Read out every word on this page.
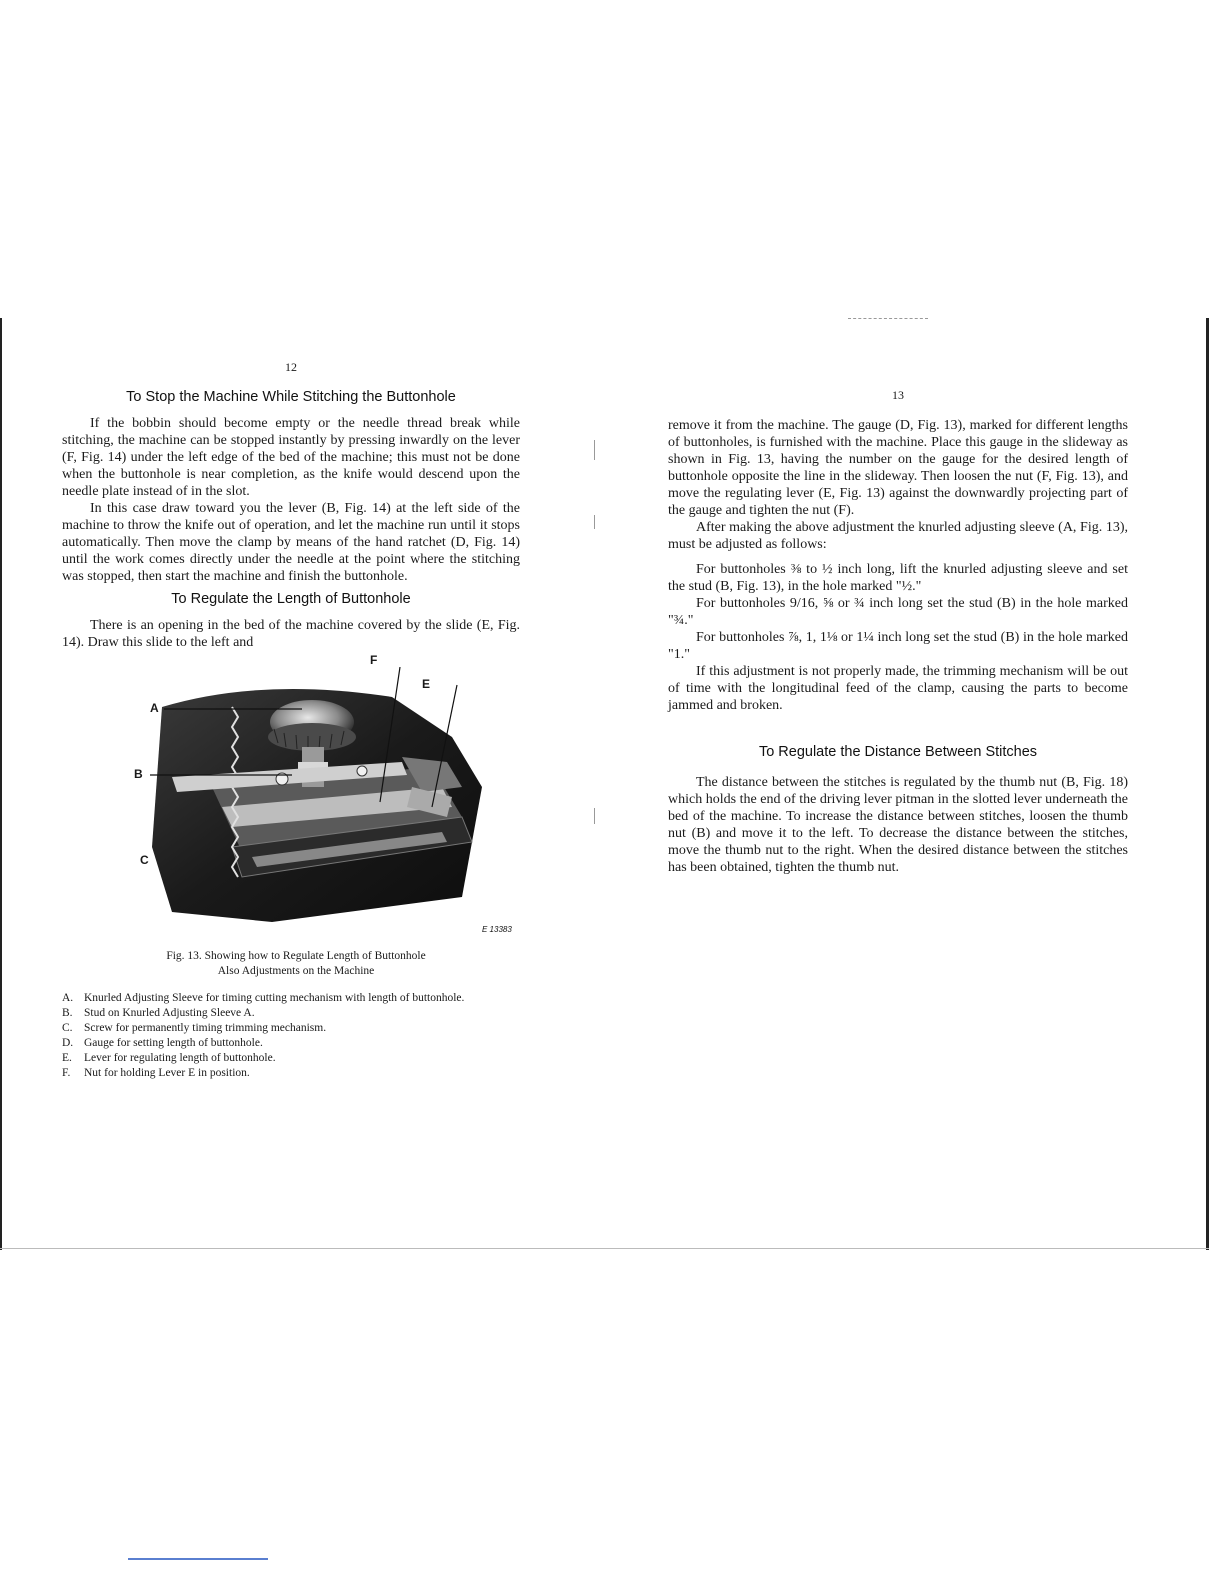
12
To Stop the Machine While Stitching the Buttonhole

If the bobbin should become empty or the needle thread break while stitching, the machine can be stopped instantly by pressing inwardly on the lever (F, Fig. 14) under the left edge of the bed of the machine; this must not be done when the buttonhole is near completion, as the knife would descend upon the needle plate instead of in the slot.

In this case draw toward you the lever (B, Fig. 14) at the left side of the machine to throw the knife out of operation, and let the machine run until it stops automatically. Then move the clamp by means of the hand ratchet (D, Fig. 14) until the work comes directly under the needle at the point where the stitching was stopped, then start the machine and finish the buttonhole.

To Regulate the Length of Buttonhole

There is an opening in the bed of the machine covered by the slide (E, Fig. 14). Draw this slide to the left and

E 13383
A
B
C
D
E
F
Fig. 13. Showing how to Regulate Length of Buttonhole
Also Adjustments on the Machine
A. Knurled Adjusting Sleeve for timing cutting mechanism with length of buttonhole.
B. Stud on Knurled Adjusting Sleeve A.
C. Screw for permanently timing trimming mechanism.
D. Gauge for setting length of buttonhole.
E.	Lever for regulating length of buttonhole.
F.	Nut for holding Lever E in position.
13

remove it from the machine. The gauge (D, Fig. 13), marked for different lengths of buttonholes, is furnished with the machine. Place this gauge in the slideway as shown in Fig. 13, having the number on the gauge for the desired length of buttonhole opposite the line in the slideway. Then loosen the nut (F, Fig. 13), and move the regulating lever (E, Fig. 13) against the downwardly projecting part of the gauge and tighten the nut (F).

After making the above adjustment the knurled adjusting sleeve (A, Fig. 13), must be adjusted as follows:

For buttonholes ⅜ to ½ inch long, lift the knurled adjusting sleeve and set the stud (B, Fig. 13), in the hole marked "½."

For buttonholes 9/16, ⅝ or ¾ inch long set the stud (B) in the hole marked "¾."

For buttonholes ⅞, 1, 1⅛ or 1¼ inch long set the stud (B) in the hole marked "1."

If this adjustment is not properly made, the trimming mechanism will be out of time with the longitudinal feed of the clamp, causing the parts to become jammed and broken.

To Regulate the Distance Between Stitches

The distance between the stitches is regulated by the thumb nut (B, Fig. 18) which holds the end of the driving lever pitman in the slotted lever underneath the bed of the machine. To increase the distance between stitches, loosen the thumb nut (B) and move it to the left. To decrease the distance between the stitches, move the thumb nut to the right. When the desired distance between the stitches has been obtained, tighten the thumb nut.
